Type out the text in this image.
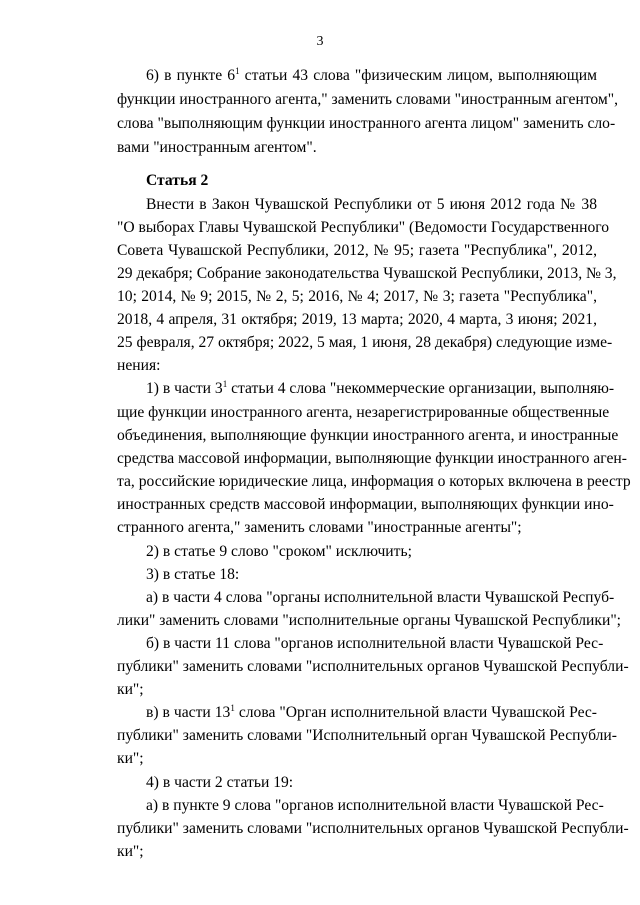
3
6) в пункте $6^1$ статьи 43 слова "физическим лицом, выполняющим
функции иностранного агента," заменить словами "иностранным агентом",
слова "выполняющим функции иностранного агента лицом" заменить сло-
вами "иностранным агентом".
Статья 2
Внести в Закон Чувашской Республики от 5 июня 2012 года № 38
"О выборах Главы Чувашской Республики" (Ведомости Государственного
Совета Чувашской Республики, 2012, № 95; газета "Республика", 2012,
29 декабря; Собрание законодательства Чувашской Республики, 2013, № 3,
10; 2014, № 9; 2015, № 2, 5; 2016, № 4; 2017, № 3; газета "Республика",
2018, 4 апреля, 31 октября; 2019, 13 марта; 2020, 4 марта, 3 июня; 2021,
25 февраля, 27 октября; 2022, 5 мая, 1 июня, 28 декабря) следующие изме-
нения:
1) в части $3^1$ статьи 4 слова "некоммерческие организации, выполняю-
щие функции иностранного агента, незарегистрированные общественные
объединения, выполняющие функции иностранного агента, и иностранные
средства массовой информации, выполняющие функции иностранного аген-
та, российские юридические лица, информация о которых включена в реестр
иностранных средств массовой информации, выполняющих функции ино-
странного агента," заменить словами "иностранные агенты";
2) в статье 9 слово "сроком" исключить;
3) в статье 18:
а) в части 4 слова "органы исполнительной власти Чувашской Респуб-
лики" заменить словами "исполнительные органы Чувашской Республики";
б) в части 11 слова "органов исполнительной власти Чувашской Рес-
публики" заменить словами "исполнительных органов Чувашской Республи-
ки";
в) в части $13^1$ слова "Орган исполнительной власти Чувашской Рес-
публики" заменить словами "Исполнительный орган Чувашской Республи-
ки";
4) в части 2 статьи 19:
а) в пункте 9 слова "органов исполнительной власти Чувашской Рес-
публики" заменить словами "исполнительных органов Чувашской Республи-
ки";
